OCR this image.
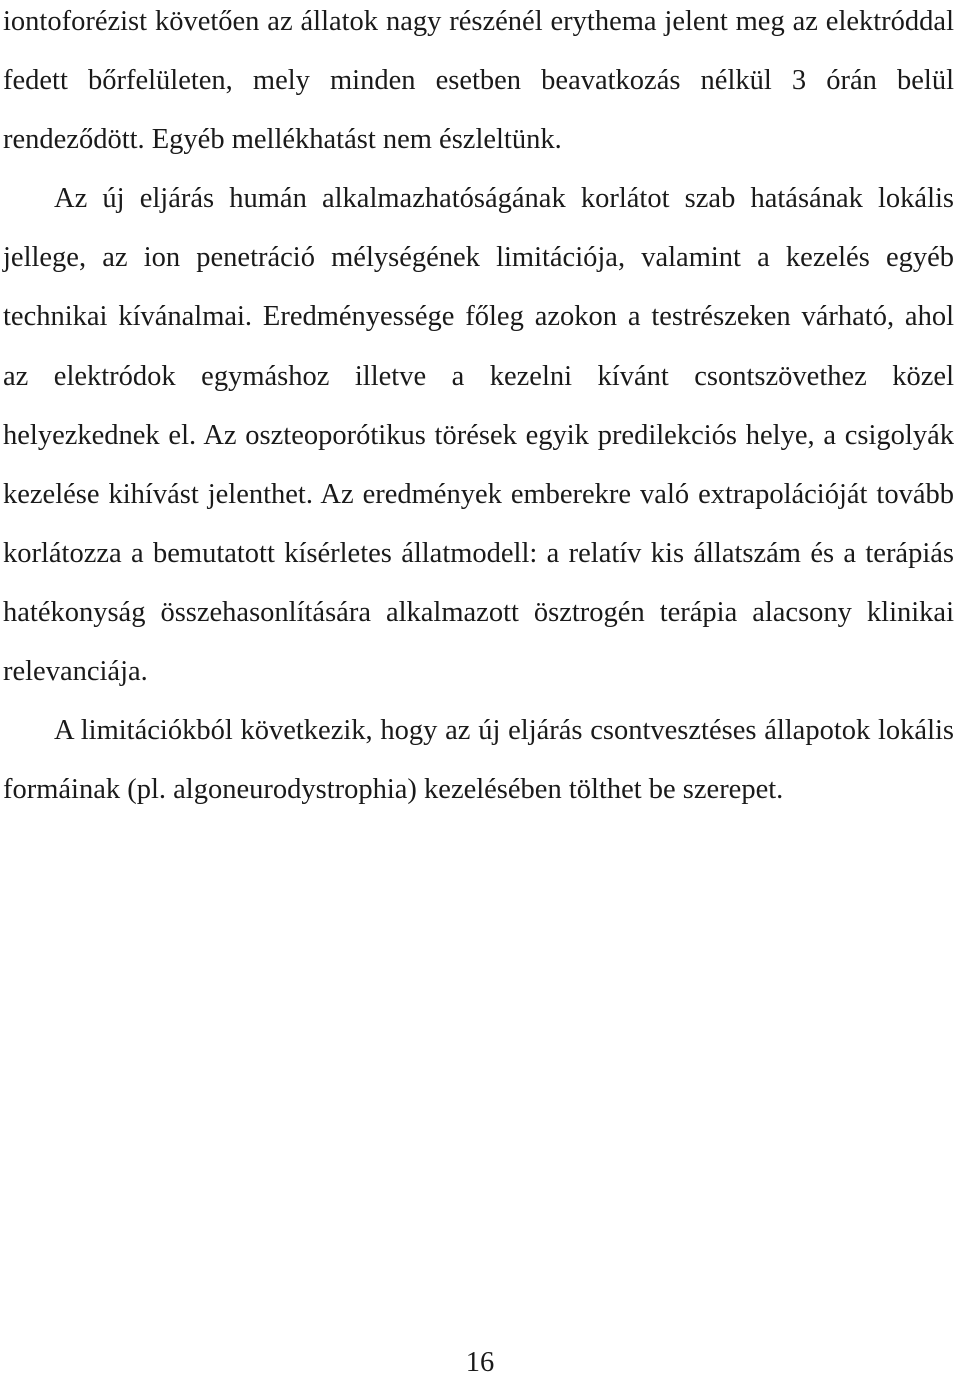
iontoforézist követően az állatok nagy részénél erythema jelent meg az elektróddal fedett bőrfelületen, mely minden esetben beavatkozás nélkül 3 órán belül rendeződött. Egyéb mellékhatást nem észleltünk.

Az új eljárás humán alkalmazhatóságának korlátot szab hatásának lokális jellege, az ion penetráció mélységének limitációja, valamint a kezelés egyéb technikai kívánalmai. Eredményessége főleg azokon a testrészeken várható, ahol az elektródok egymáshoz illetve a kezelni kívánt csontszövethez közel helyezkednek el. Az oszteoporótikus törések egyik predilekciós helye, a csigolyák kezelése kihívást jelenthet. Az eredmények emberekre való extrapolációját tovább korlátozza a bemutatott kísérletes állatmodell: a relatív kis állatszám és a terápiás hatékonyság összehasonlítására alkalmazott ösztrogén terápia alacsony klinikai relevanciája.

A limitációkból következik, hogy az új eljárás csontvesztéses állapotok lokális formáinak (pl. algoneurodystrophia) kezelésében tölthet be szerepet.

16
